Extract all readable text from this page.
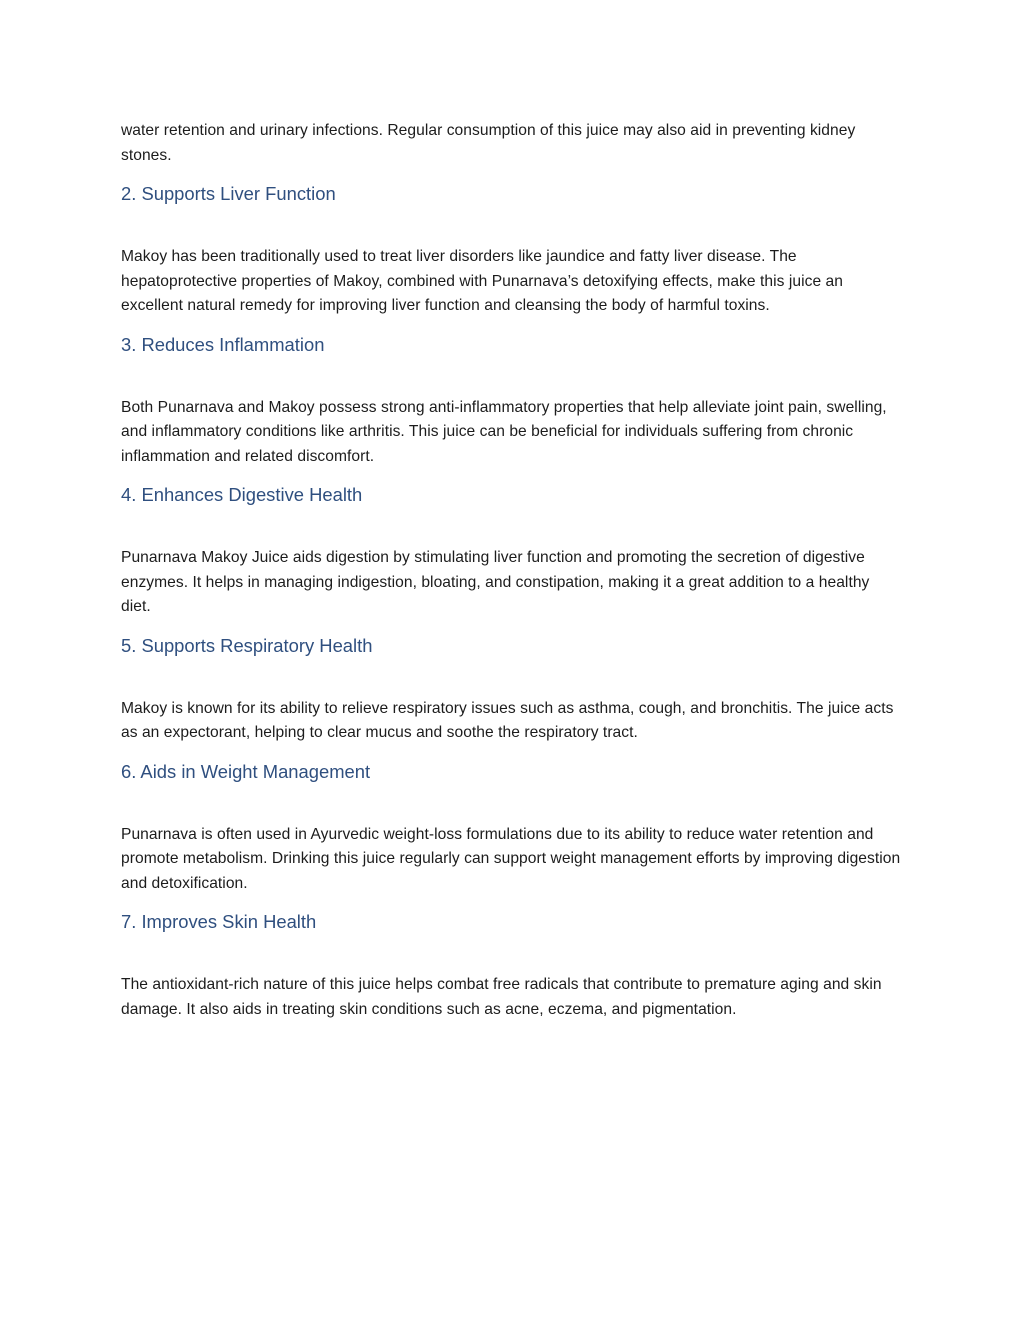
water retention and urinary infections. Regular consumption of this juice may also aid in preventing kidney stones.

2. Supports Liver Function

Makoy has been traditionally used to treat liver disorders like jaundice and fatty liver disease. The hepatoprotective properties of Makoy, combined with Punarnava’s detoxifying effects, make this juice an excellent natural remedy for improving liver function and cleansing the body of harmful toxins.

3. Reduces Inflammation

Both Punarnava and Makoy possess strong anti-inflammatory properties that help alleviate joint pain, swelling, and inflammatory conditions like arthritis. This juice can be beneficial for individuals suffering from chronic inflammation and related discomfort.

4. Enhances Digestive Health

Punarnava Makoy Juice aids digestion by stimulating liver function and promoting the secretion of digestive enzymes. It helps in managing indigestion, bloating, and constipation, making it a great addition to a healthy diet.

5. Supports Respiratory Health

Makoy is known for its ability to relieve respiratory issues such as asthma, cough, and bronchitis. The juice acts as an expectorant, helping to clear mucus and soothe the respiratory tract.

6. Aids in Weight Management

Punarnava is often used in Ayurvedic weight-loss formulations due to its ability to reduce water retention and promote metabolism. Drinking this juice regularly can support weight management efforts by improving digestion and detoxification.

7. Improves Skin Health

The antioxidant-rich nature of this juice helps combat free radicals that contribute to premature aging and skin damage. It also aids in treating skin conditions such as acne, eczema, and pigmentation.
